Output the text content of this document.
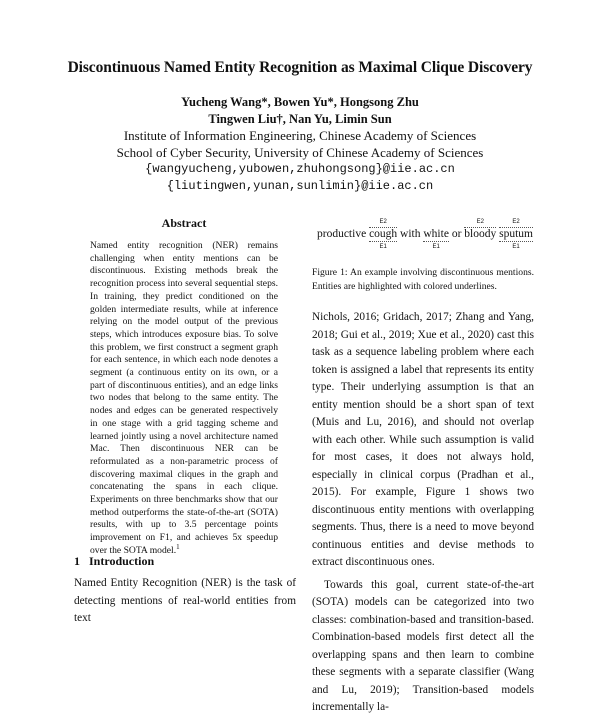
Discontinuous Named Entity Recognition as Maximal Clique Discovery
Yucheng Wang*, Bowen Yu*, Hongsong Zhu
Tingwen Liu†, Nan Yu, Limin Sun
Institute of Information Engineering, Chinese Academy of Sciences
School of Cyber Security, University of Chinese Academy of Sciences
{wangyucheng,yubowen,zhuhongsong}@iie.ac.cn
{liutingwen,yunan,sunlimin}@iie.ac.cn
Abstract
Named entity recognition (NER) remains challenging when entity mentions can be discontinuous. Existing methods break the recognition process into several sequential steps. In training, they predict conditioned on the golden intermediate results, while at inference relying on the model output of the previous steps, which introduces exposure bias. To solve this problem, we first construct a segment graph for each sentence, in which each node denotes a segment (a continuous entity on its own, or a part of discontinuous entities), and an edge links two nodes that belong to the same entity. The nodes and edges can be generated respectively in one stage with a grid tagging scheme and learned jointly using a novel architecture named Mac. Then discontinuous NER can be reformulated as a non-parametric process of discovering maximal cliques in the graph and concatenating the spans in each clique. Experiments on three benchmarks show that our method outperforms the state-of-the-art (SOTA) results, with up to 3.5 percentage points improvement on F1, and achieves 5x speedup over the SOTA model.$^1$
1 Introduction
Named Entity Recognition (NER) is the task of detecting mentions of real-world entities from text
productive
E2
cough
E1
with white
E1
or
E2
bloody
E2
sputum
E1
Figure 1: An example involving discontinuous mentions. Entities are highlighted with colored underlines.

Nichols, 2016; Gridach, 2017; Zhang and Yang, 2018; Gui et al., 2019; Xue et al., 2020) cast this task as a sequence labeling problem where each token is assigned a label that represents its entity type. Their underlying assumption is that an entity mention should be a short span of text (Muis and Lu, 2016), and should not overlap with each other. While such assumption is valid for most cases, it does not always hold, especially in clinical corpus (Pradhan et al., 2015). For example, Figure 1 shows two discontinuous entity mentions with overlapping segments. Thus, there is a need to move beyond continuous entities and devise methods to extract discontinuous ones.

Towards this goal, current state-of-the-art (SOTA) models can be categorized into two classes: combination-based and transition-based. Combination-based models first detect all the overlapping spans and then learn to combine these segments with a separate classifier (Wang and Lu, 2019); Transition-based models incrementally la-
